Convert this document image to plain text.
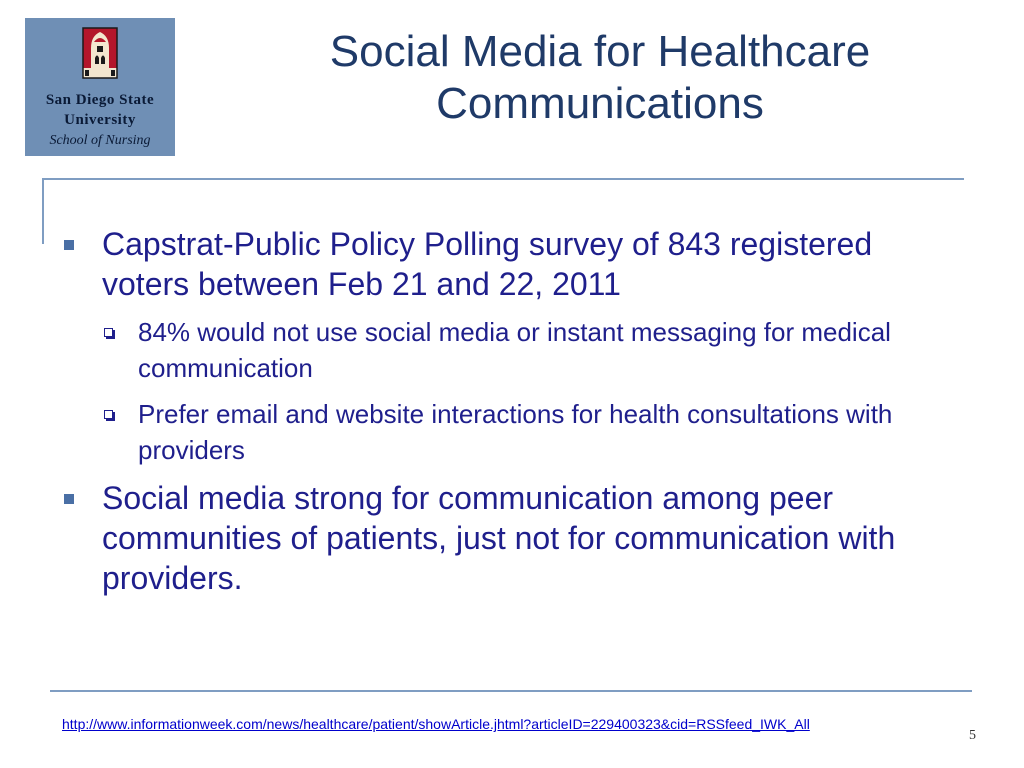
San Diego State
University
School of Nursing
Social Media for Healthcare
Communications
Capstrat-Public Policy Polling survey of 843 registered voters between Feb 21 and 22, 2011
84% would not use social media or instant messaging for medical communication
Prefer email and website interactions for health consultations with providers
Social media strong for communication among peer communities of patients, just not for communication with providers.
http://www.informationweek.com/news/healthcare/patient/showArticle.jhtml?articleID=229400323&cid=RSSfeed_IWK_All
5
